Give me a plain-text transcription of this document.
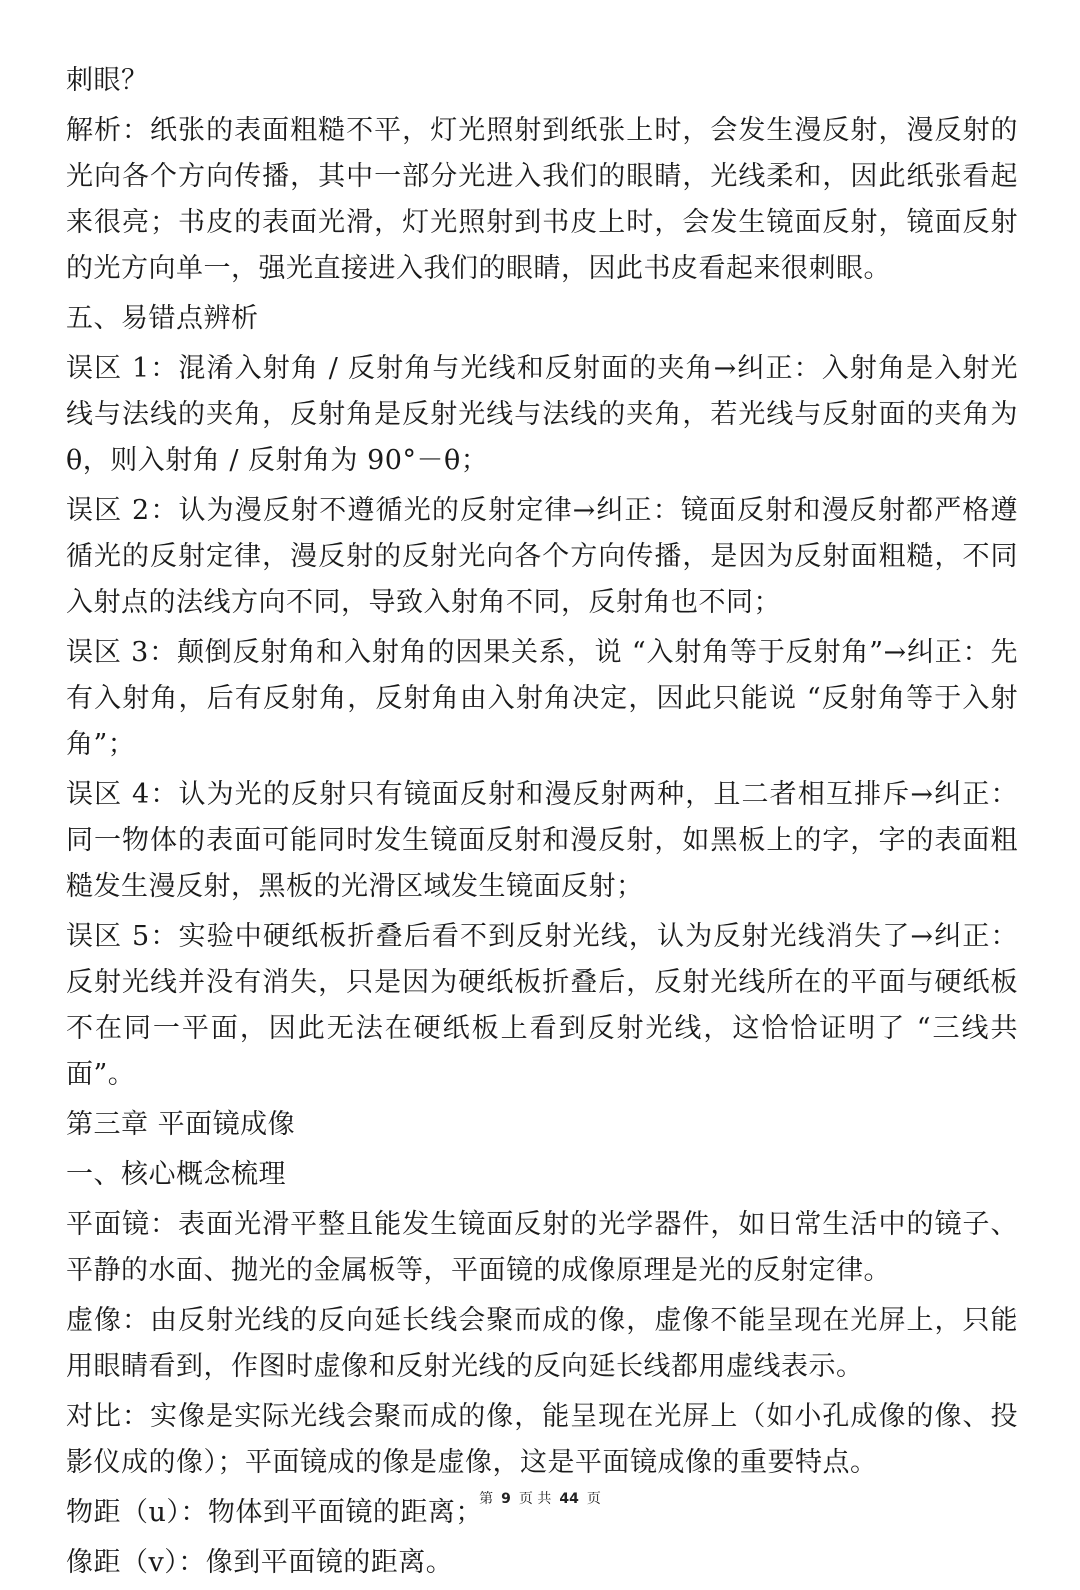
刺眼？

解析：纸张的表面粗糙不平，灯光照射到纸张上时，会发生漫反射，漫反射的光向各个方向传播，其中一部分光进入我们的眼睛，光线柔和，因此纸张看起来很亮；书皮的表面光滑，灯光照射到书皮上时，会发生镜面反射，镜面反射的光方向单一，强光直接进入我们的眼睛，因此书皮看起来很刺眼。

五、易错点辨析

误区 1：混淆入射角 / 反射角与光线和反射面的夹角→纠正：入射角是入射光线与法线的夹角，反射角是反射光线与法线的夹角，若光线与反射面的夹角为 θ，则入射角 / 反射角为 90°－θ；

误区 2：认为漫反射不遵循光的反射定律→纠正：镜面反射和漫反射都严格遵循光的反射定律，漫反射的反射光向各个方向传播，是因为反射面粗糙，不同入射点的法线方向不同，导致入射角不同，反射角也不同；

误区 3：颠倒反射角和入射角的因果关系，说 “入射角等于反射角”→纠正：先有入射角，后有反射角，反射角由入射角决定，因此只能说 “反射角等于入射角”；

误区 4：认为光的反射只有镜面反射和漫反射两种，且二者相互排斥→纠正：同一物体的表面可能同时发生镜面反射和漫反射，如黑板上的字，字的表面粗糙发生漫反射，黑板的光滑区域发生镜面反射；

误区 5：实验中硬纸板折叠后看不到反射光线，认为反射光线消失了→纠正：反射光线并没有消失，只是因为硬纸板折叠后，反射光线所在的平面与硬纸板不在同一平面，因此无法在硬纸板上看到反射光线，这恰恰证明了 “三线共面”。

第三章 平面镜成像

一、核心概念梳理

平面镜：表面光滑平整且能发生镜面反射的光学器件，如日常生活中的镜子、平静的水面、抛光的金属板等，平面镜的成像原理是光的反射定律。

虚像：由反射光线的反向延长线会聚而成的像，虚像不能呈现在光屏上，只能用眼睛看到，作图时虚像和反射光线的反向延长线都用虚线表示。

对比：实像是实际光线会聚而成的像，能呈现在光屏上（如小孔成像的像、投影仪成的像）；平面镜成的像是虚像，这是平面镜成像的重要特点。

物距（u）：物体到平面镜的距离；

像距（v）：像到平面镜的距离。

第 9 页 共 44 页
